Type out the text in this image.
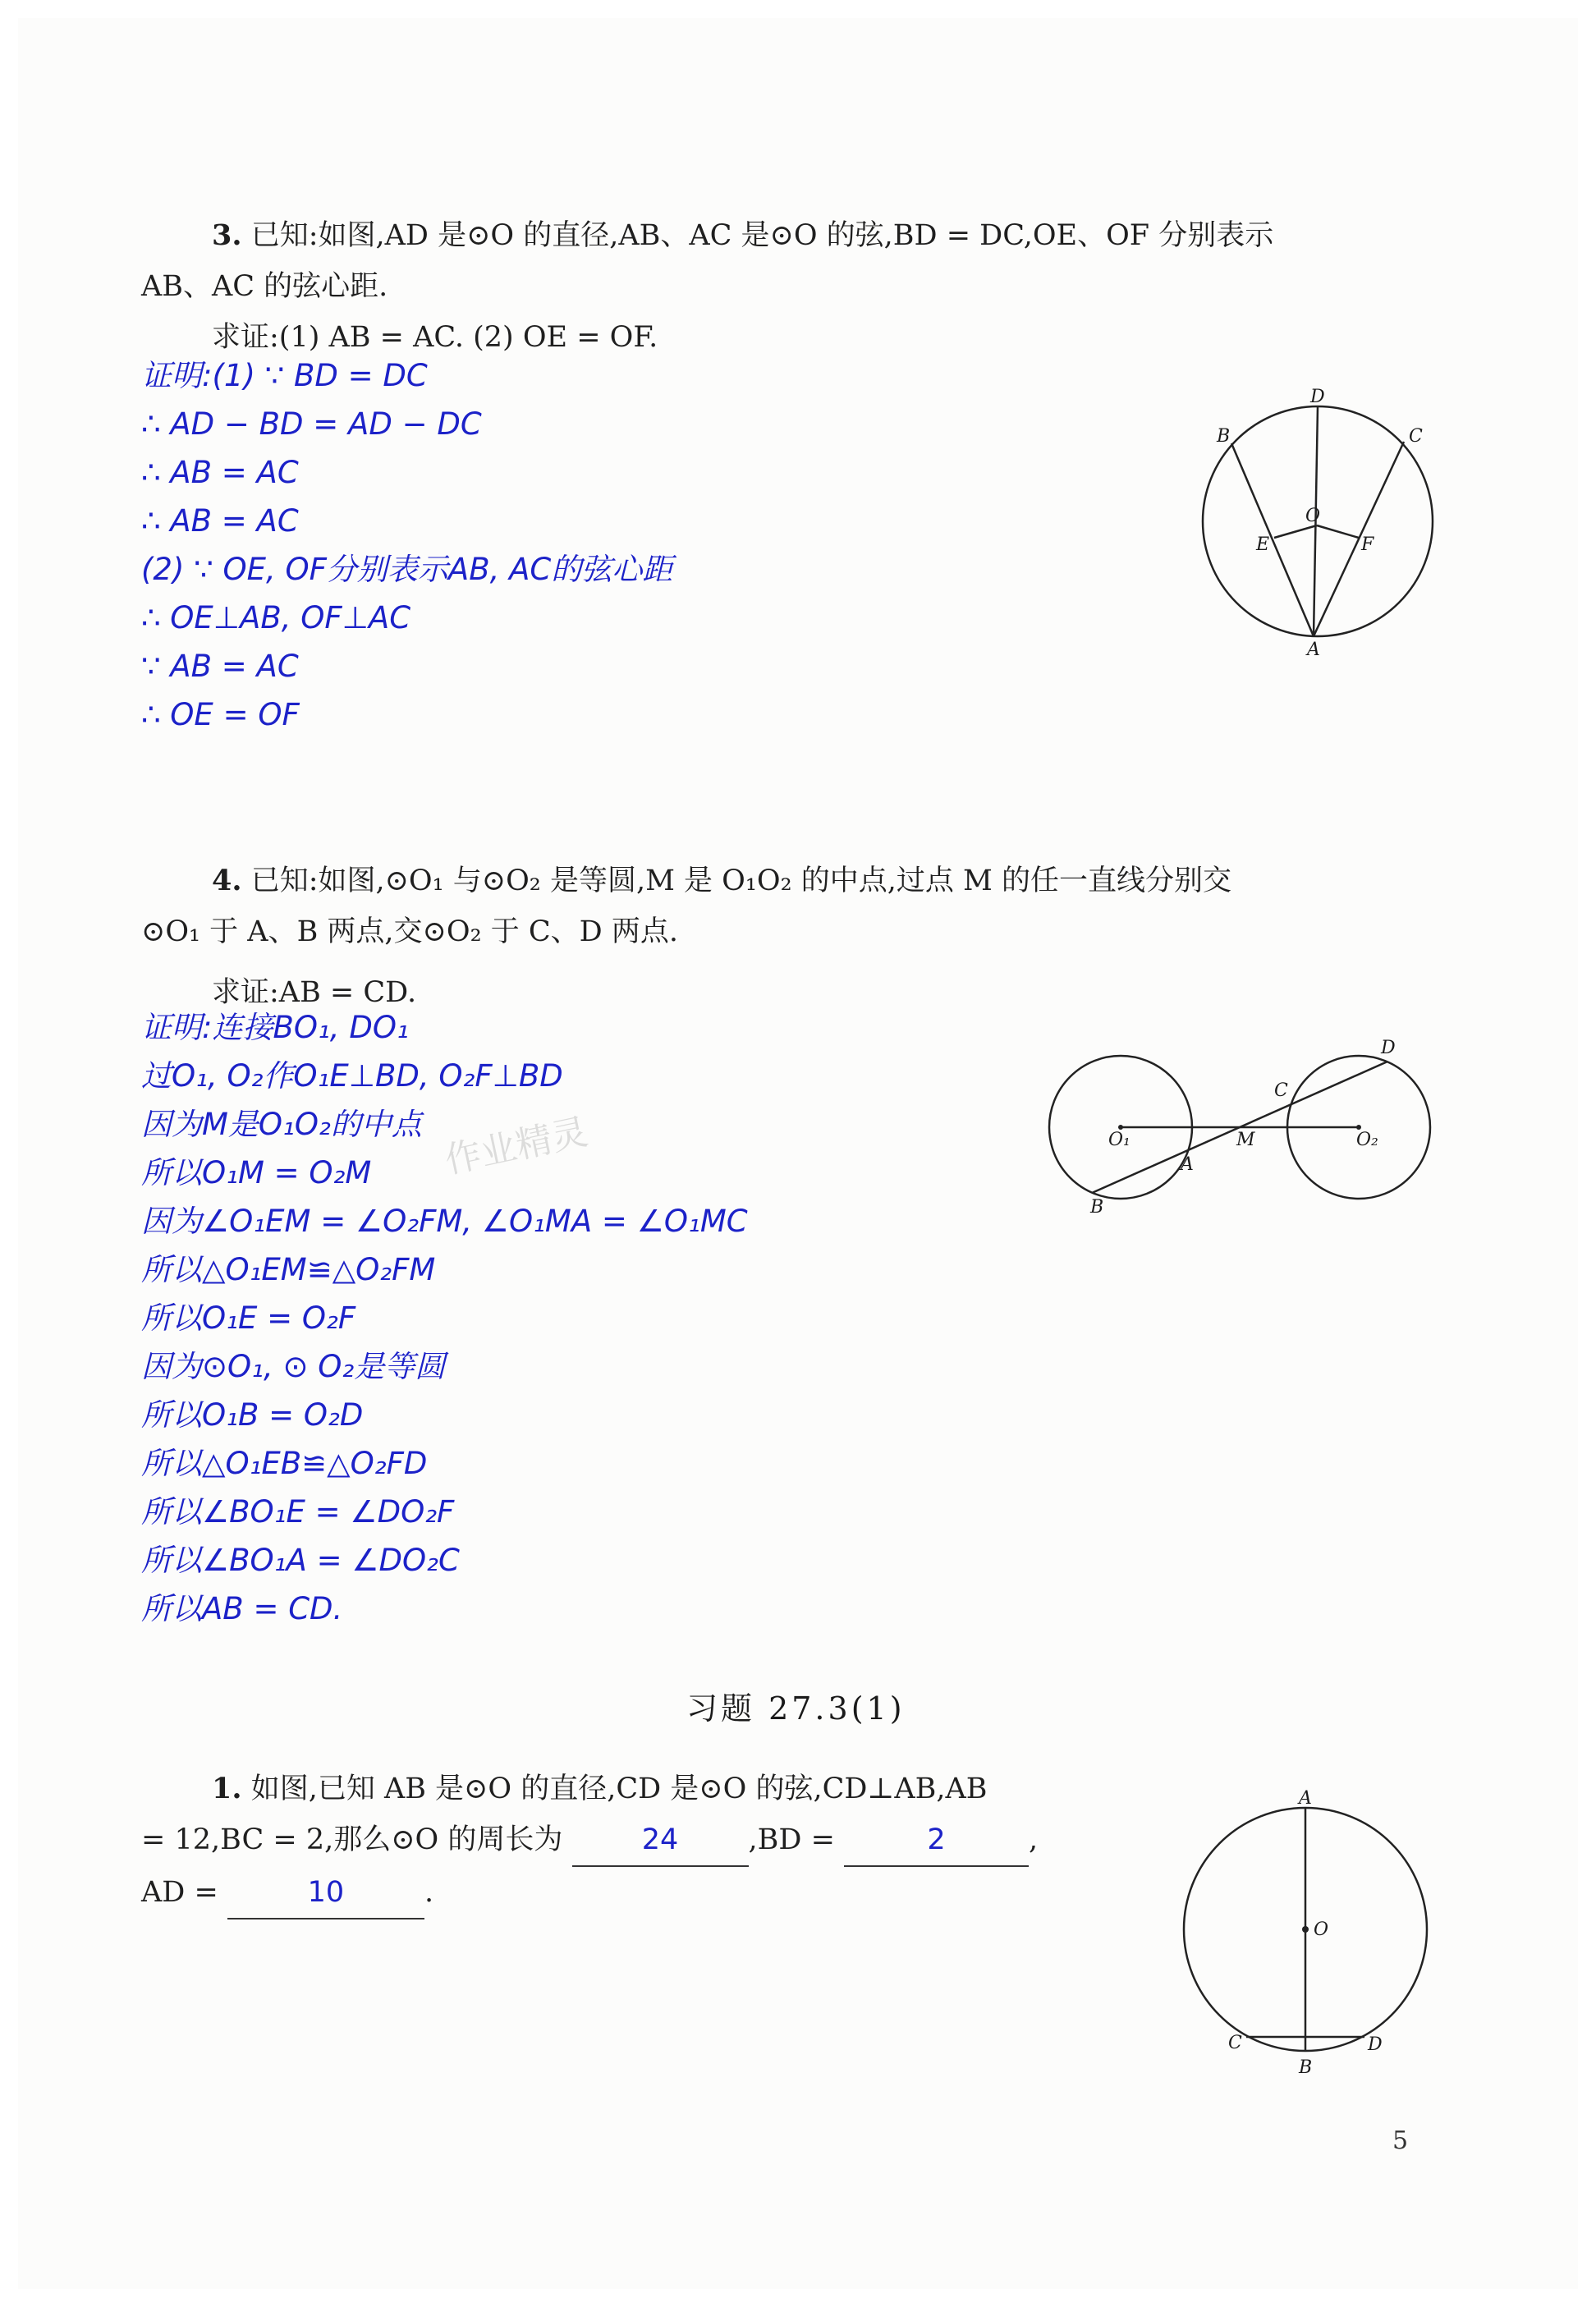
3. 已知:如图,AD 是⊙O 的直径,AB、AC 是⊙O 的弦,BD = DC,OE、OF 分别表示
AB、AC 的弦心距.
求证:(1) AB = AC. (2) OE = OF.
证明:(1) ∵ BD = DC
∴ AD − BD = AD − DC
∴ AB = AC
∴ AB = AC
(2) ∵ OE, OF分别表示AB, AC的弦心距
∴ OE⊥AB, OF⊥AC
∵ AB = AC
∴ OE = OF
D
B	C
O
E	F
A
4. 已知:如图,⊙O₁ 与⊙O₂ 是等圆,M 是 O₁O₂ 的中点,过点 M 的任一直线分别交
⊙O₁ 于 A、B 两点,交⊙O₂ 于 C、D 两点.
求证:AB = CD.
证明:连接BO₁, DO₁
过O₁, O₂作O₁E⊥BD, O₂F⊥BD
因为M是O₁O₂的中点
所以O₁M = O₂M
因为∠O₁EM = ∠O₂FM, ∠O₁MA = ∠O₁MC
所以△O₁EM≌△O₂FM
所以O₁E = O₂F
因为⊙O₁, ⊙ O₂是等圆
所以O₁B = O₂D
所以△O₁EB≌△O₂FD
所以∠BO₁E = ∠DO₂F
所以∠BO₁A = ∠DO₂C
所以AB = CD.
作业精灵
D
C
O₁	M	O₂
A
B
习题 27.3(1)
1. 如图,已知 AB 是⊙O 的直径,CD 是⊙O 的弦,CD⊥AB,AB
= 12,BC = 2,那么⊙O 的周长为	24 ,BD =	2	,
AD =	10	.
A
O
C
B
D
5
